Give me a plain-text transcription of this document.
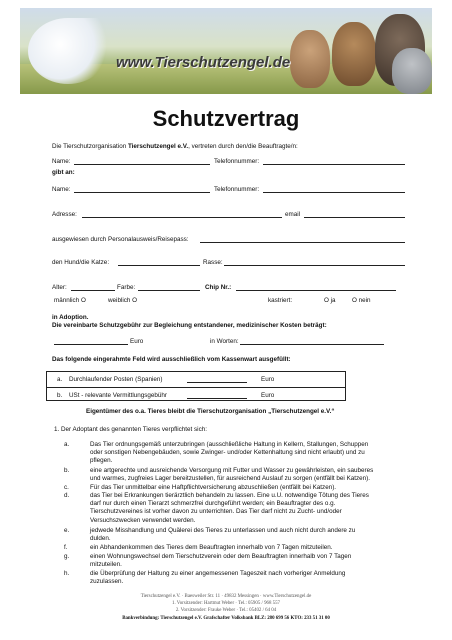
www.Tierschutzengel.de
Schutzvertrag
Die Tierschutzorganisation Tierschutzengel e.V., vertreten durch den/die Beauftragte/n:
Name:	Telefonnummer:
gibt an:
Name:	Telefonnummer:
Adresse:	email
ausgewiesen durch Personalausweis/Reisepass:
den Hund/die Katze:	Rasse:
Alter:	Farbe:	Chip Nr.:
männlich O	weiblich O	kastriert:	O ja	O nein
in Adoption.
Die vereinbarte Schutzgebühr zur Begleichung entstandener, medizinischer Kosten beträgt:
Euro	in Worten:
Das folgende eingerahmte Feld wird ausschließlich vom Kassenwart ausgefüllt:
a. Durchlaufender Posten (Spanien)	Euro
b. USt - relevante Vermittlungsgebühr	Euro
Eigentümer des o.a. Tieres bleibt die Tierschutzorganisation „Tierschutzengel e.V.“
1. Der Adoptant des genannten Tieres verpflichtet sich:
a.	Das Tier ordnungsgemäß unterzubringen (ausschließliche Haltung in Kellern, Stallungen, Schuppen
oder sonstigen Nebengebäuden, sowie Zwinger- und/oder Kettenhaltung sind nicht erlaubt) und zu
pflegen.
b.	eine artgerechte und ausreichende Versorgung mit Futter und Wasser zu gewährleisten, ein sauberes
und warmes, zugfreies Lager bereitzustellen, für ausreichend Auslauf zu sorgen (entfällt bei Katzen).
c.	Für das Tier unmittelbar eine Haftpflichtversicherung abzuschließen (entfällt bei Katzen).
d.	das Tier bei Erkrankungen tierärztlich behandeln zu lassen. Eine u.U. notwendige Tötung des Tieres
darf nur durch einen Tierarzt schmerzfrei durchgeführt werden; ein Beauftragter des o.g.
Tierschutzvereines ist vorher davon zu unterrichten. Das Tier darf nicht zu Zucht- und/oder
Versuchszwecken verwendet werden.
e.	jedwede Misshandlung und Quälerei des Tieres zu unterlassen und auch nicht durch andere zu
dulden.
f.	ein Abhandenkommen des Tieres dem Beauftragten innerhalb von 7 Tagen mitzuteilen.
g.	einen Wohnungswechsel dem Tierschutzverein oder dem Beauftragten innerhalb von 7 Tagen
mitzuteilen.
h.	die Überprüfung der Haltung zu einer angemessenen Tageszeit nach vorheriger Anmeldung
zuzulassen.
Tierschutzengel e.V. · Baesweiler Str. 11 · 49832 Messingen · www.Tierschutzengel.de
1. Vorsitzender: Hartmut Weber · Tel.: 05905 / 968 557
2. Vorsitzender: Frauke Weber · Tel.: 05402 / 64 04
Bankverbindung: Tierschutzengel e.V. Grafschafter Volksbank BLZ: 280 699 56 KTO: 233 51 31 00
